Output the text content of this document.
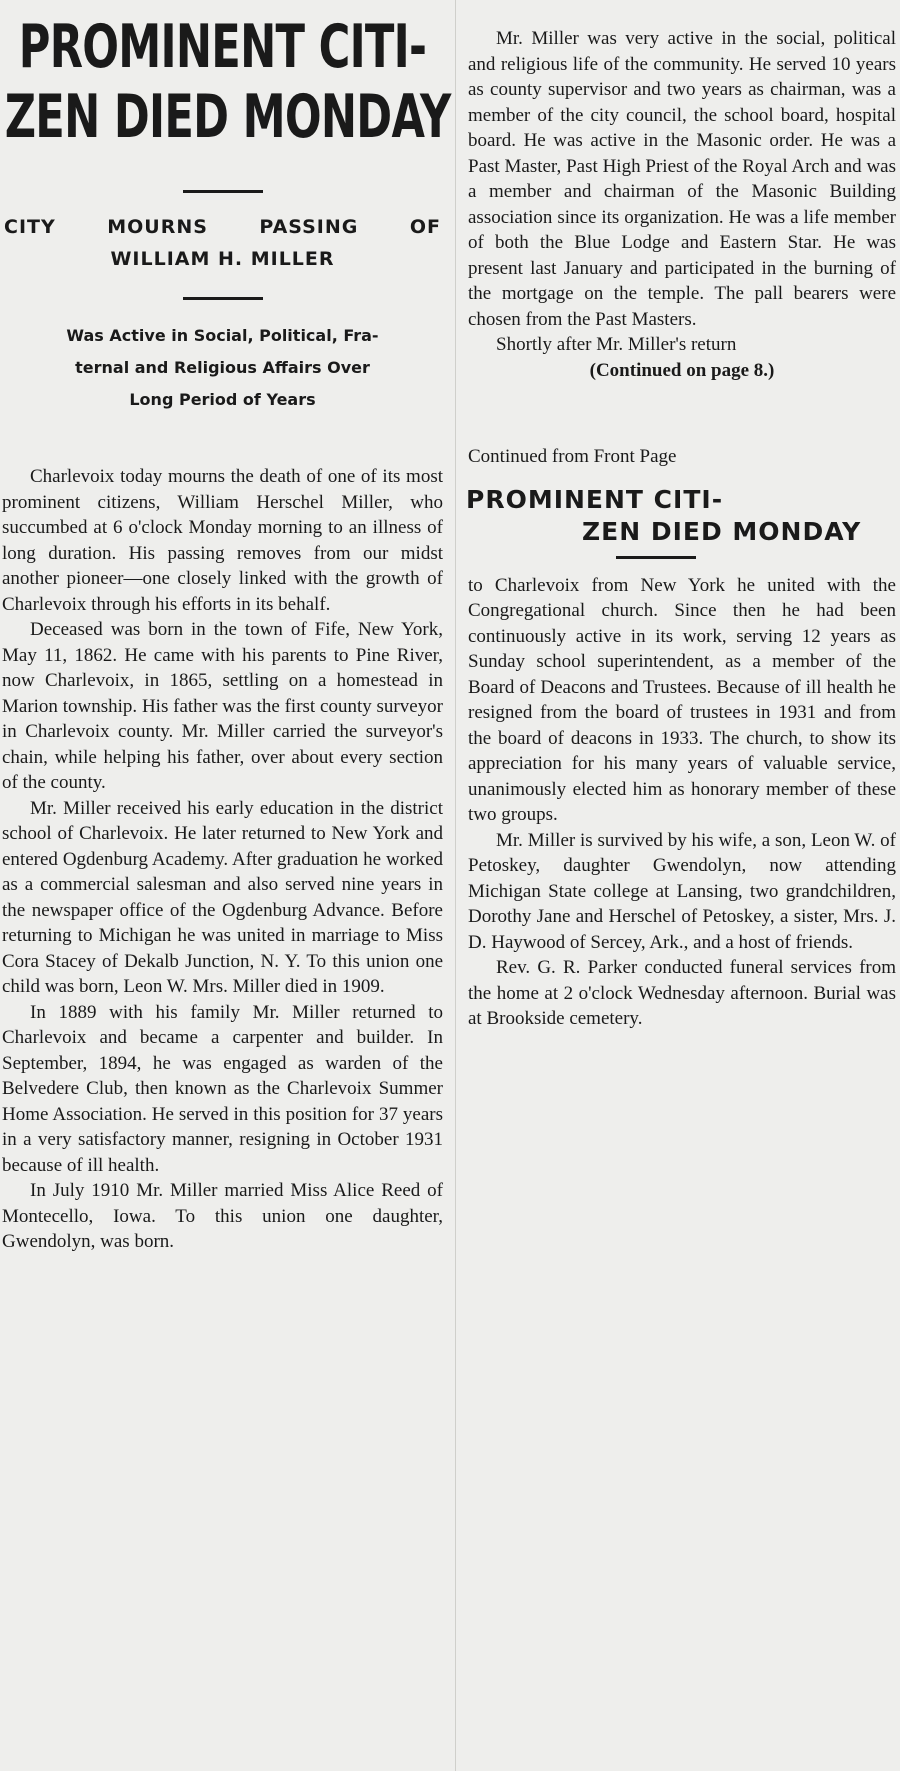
PROMINENT CITI-
ZEN DIED MONDAY
CITY	MOURNS	PASSING	OF
WILLIAM H. MILLER
Was Active in Social, Political, Fra-
ternal and Religious Affairs Over
Long Period of Years

Charlevoix today mourns the death of one of its most prominent citizens, William Herschel Miller, who succumbed at 6 o'clock Monday morning to an illness of long duration. His passing removes from our midst another pioneer—one closely linked with the growth of Charlevoix through his efforts in its behalf.

Deceased was born in the town of Fife, New York, May 11, 1862. He came with his parents to Pine River, now Charlevoix, in 1865, settling on a homestead in Marion township. His father was the first county surveyor in Charlevoix county. Mr. Miller carried the surveyor's chain, while helping his father, over about every section of the county.

Mr. Miller received his early education in the district school of Charlevoix. He later returned to New York and entered Ogdenburg Academy. After graduation he worked as a commercial salesman and also served nine years in the newspaper office of the Ogdenburg Advance. Before returning to Michigan he was united in marriage to Miss Cora Stacey of Dekalb Junction, N. Y. To this union one child was born, Leon W. Mrs. Miller died in 1909.

In 1889 with his family Mr. Miller returned to Charlevoix and became a carpenter and builder. In September, 1894, he was engaged as warden of the Belvedere Club, then known as the Charlevoix Summer Home Association. He served in this position for 37 years in a very satisfactory manner, resigning in October 1931 because of ill health.

In July 1910 Mr. Miller married Miss Alice Reed of Montecello, Iowa. To this union one daughter, Gwendolyn, was born.

Mr. Miller was very active in the social, political and religious life of the community. He served 10 years as county supervisor and two years as chairman, was a member of the city council, the school board, hospital board. He was active in the Masonic order. He was a Past Master, Past High Priest of the Royal Arch and was a member and chairman of the Masonic Building association since its organization. He was a life member of both the Blue Lodge and Eastern Star. He was present last January and participated in the burning of the mortgage on the temple. The pall bearers were chosen from the Past Masters.

Shortly after Mr. Miller's return

(Continued on page 8.)
Continued from Front Page
PROMINENT CITI-
ZEN DIED MONDAY

to Charlevoix from New York he united with the Congregational church. Since then he had been continuously active in its work, serving 12 years as Sunday school superintendent, as a member of the Board of Deacons and Trustees. Because of ill health he resigned from the board of trustees in 1931 and from the board of deacons in 1933. The church, to show its appreciation for his many years of valuable service, unanimously elected him as honorary member of these two groups.

Mr. Miller is survived by his wife, a son, Leon W. of Petoskey, daughter Gwendolyn, now attending Michigan State college at Lansing, two grandchildren, Dorothy Jane and Herschel of Petoskey, a sister, Mrs. J. D. Haywood of Sercey, Ark., and a host of friends.

Rev. G. R. Parker conducted funeral services from the home at 2 o'clock Wednesday afternoon. Burial was at Brookside cemetery.
